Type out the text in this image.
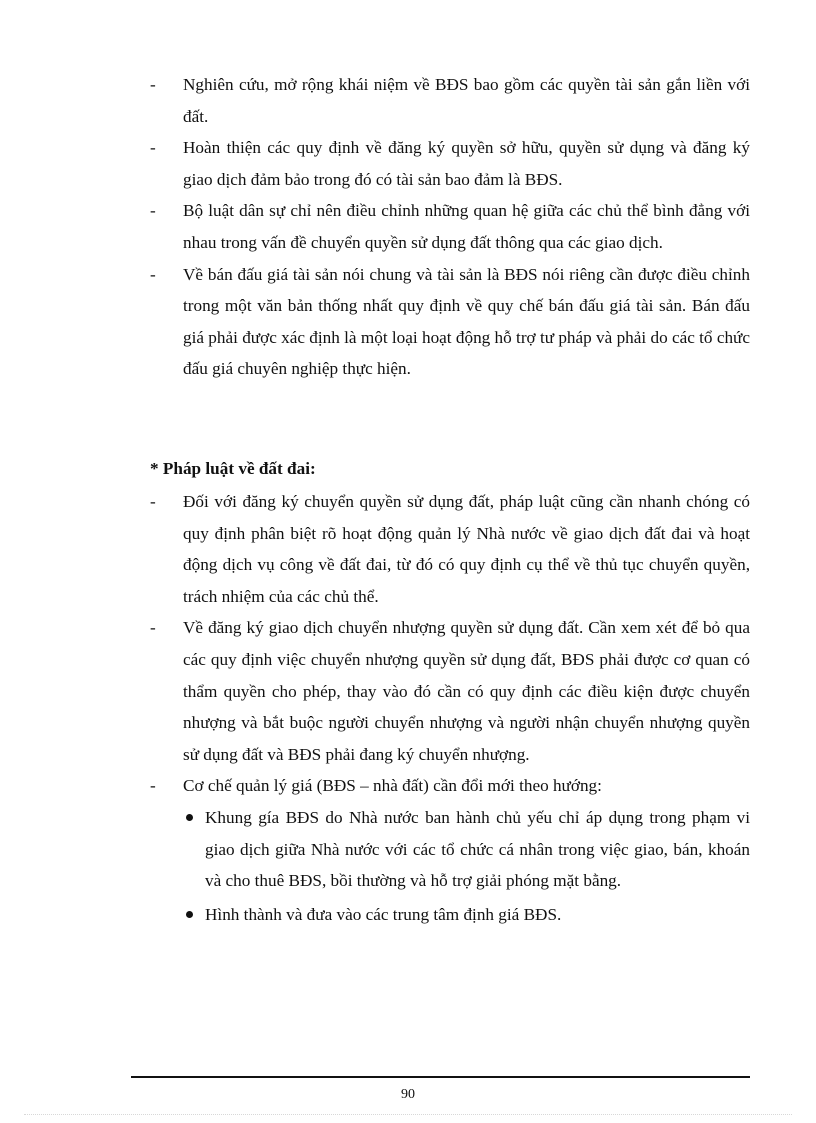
- Nghiên cứu, mở rộng khái niệm về BĐS bao gồm các quyền tài sản gắn liền với đất.
- Hoàn thiện các quy định về đăng ký quyền sở hữu, quyền sử dụng và đăng ký giao dịch đảm bảo trong đó có tài sản bao đảm là BĐS.
- Bộ luật dân sự chỉ nên điều chỉnh những quan hệ giữa các chủ thể bình đẳng với nhau trong vấn đề chuyển quyền sử dụng đất thông qua các giao dịch.
- Về bán đấu giá tài sản nói chung và tài sản là BĐS nói riêng cần được điều chỉnh trong một văn bản thống nhất quy định về quy chế bán đấu giá tài sản. Bán đấu giá phải được xác định là một loại hoạt động hỗ trợ tư pháp và phải do các tổ chức đấu giá chuyên nghiệp thực hiện.
* Pháp luật về đất đai:
- Đối với đăng ký chuyển quyền sử dụng đất, pháp luật cũng cần nhanh chóng có quy định phân biệt rõ hoạt động quản lý Nhà nước về giao dịch đất đai và hoạt động dịch vụ công về đất đai, từ đó có quy định cụ thể về thủ tục chuyển quyền, trách nhiệm của các chủ thể.
- Về đăng ký giao dịch chuyển nhượng quyền sử dụng đất. Cần xem xét để bỏ qua các quy định việc chuyển nhượng quyền sử dụng đất, BĐS phải được cơ quan có thẩm quyền cho phép, thay vào đó cần có quy định các điều kiện được chuyển nhượng và bắt buộc người chuyển nhượng và người nhận chuyển nhượng quyền sử dụng đất và BĐS phải đang ký chuyển nhượng.
- Cơ chế quản lý giá (BĐS – nhà đất) cần đổi mới theo hướng:
Khung gía BĐS do Nhà nước ban hành chủ yếu chỉ áp dụng trong phạm vi giao dịch giữa Nhà nước với các tổ chức cá nhân trong việc giao, bán, khoán và cho thuê BĐS, bồi thường và hỗ trợ giải phóng mặt bằng.
Hình thành và đưa vào các trung tâm định giá BĐS.
90
